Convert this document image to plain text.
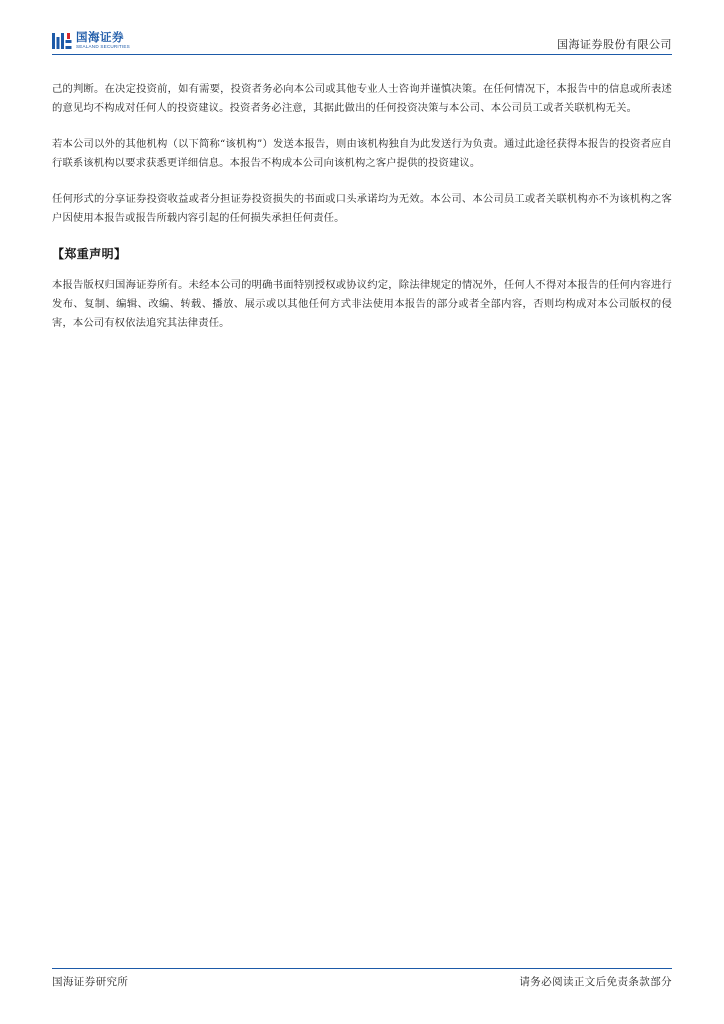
国海证券
SEALAND SECURITIES	国海证券股份有限公司

己的判断。在决定投资前，如有需要，投资者务必向本公司或其他专业人士咨询并谨慎决策。在任何情况下，本报告中的信息或所表述的意见均不构成对任何人的投资建议。投资者务必注意，其据此做出的任何投资决策与本公司、本公司员工或者关联机构无关。

若本公司以外的其他机构（以下简称“该机构”）发送本报告，则由该机构独自为此发送行为负责。通过此途径获得本报告的投资者应自行联系该机构以要求获悉更详细信息。本报告不构成本公司向该机构之客户提供的投资建议。

任何形式的分享证券投资收益或者分担证券投资损失的书面或口头承诺均为无效。本公司、本公司员工或者关联机构亦不为该机构之客户因使用本报告或报告所载内容引起的任何损失承担任何责任。

【郑重声明】

本报告版权归国海证券所有。未经本公司的明确书面特别授权或协议约定，除法律规定的情况外，任何人不得对本报告的任何内容进行发布、复制、编辑、改编、转载、播放、展示或以其他任何方式非法使用本报告的部分或者全部内容，否则均构成对本公司版权的侵害，本公司有权依法追究其法律责任。

国海证券研究所	请务必阅读正文后免责条款部分
